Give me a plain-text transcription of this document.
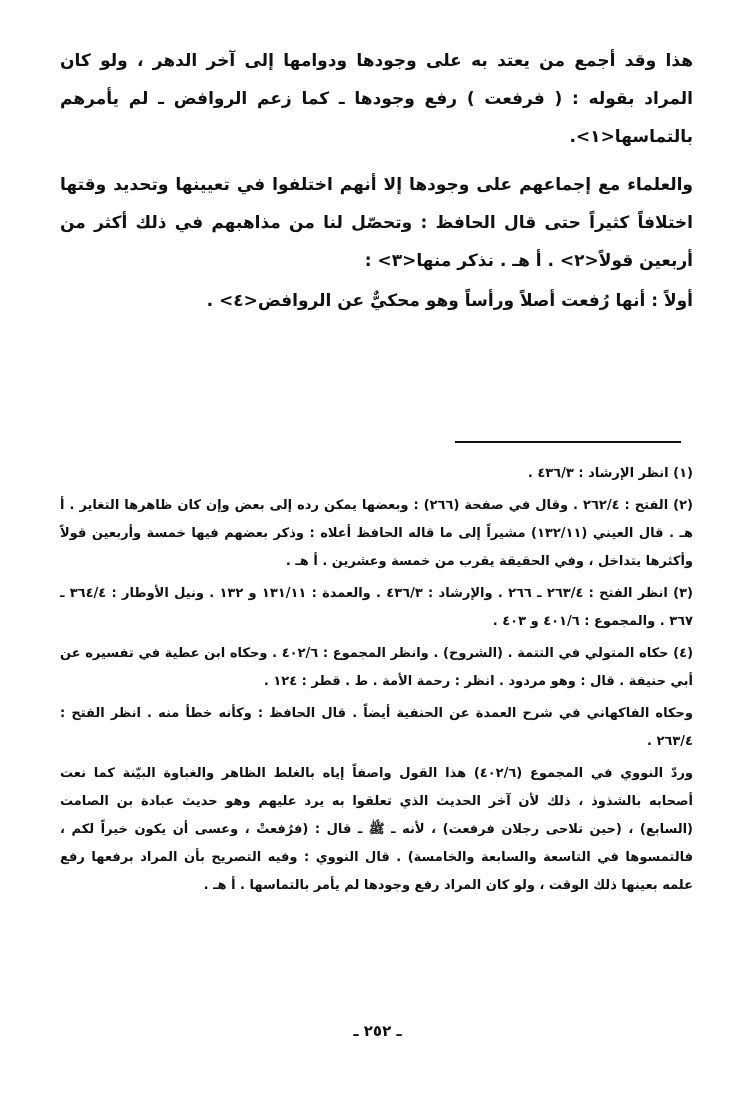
هذا وقد أجمع من يعتد به على وجودها ودوامها إلى آخر الدهر ، ولو كان المراد بقوله : ( فرفعت ) رفع وجودها ـ كما زعم الروافض ـ لم يأمرهم بالتماسها<١>.

والعلماء مع إجماعهم على وجودها إلا أنهم اختلفوا في تعيينها وتحديد وقتها اختلافاً كثيراً حتى قال الحافظ : وتحصّل لنا من مذاهبهم في ذلك أكثر من أربعين قولاً<٢> . أ هـ . نذكر منها<٣> :

أولاً : أنها رُفعت أصلاً ورأساً وهو محكيٌّ عن الروافض<٤> .

(١) انظر الإرشاد : ٤٣٦/٣ .

(٢) الفتح : ٢٦٢/٤ . وقال في صفحة (٢٦٦) : وبعضها يمكن رده إلى بعض وإن كان ظاهرها التغاير . أ هـ . قال العيني (١٣٢/١١) مشيراً إلى ما قاله الحافظ أعلاه : وذكر بعضهم فيها خمسة وأربعين قولاً وأكثرها يتداخل ، وفي الحقيقة يقرب من خمسة وعشرين . أ هـ .

(٣) انظر الفتح : ٢٦٣/٤ ـ ٢٦٦ . والإرشاد : ٤٣٦/٣ . والعمدة : ١٣١/١١ و ١٣٢ . ونيل الأوطار : ٣٦٤/٤ ـ ٣٦٧ . والمجموع : ٤٠١/٦ و ٤٠٣ .

(٤) حكاه المتولي في التتمة . (الشروح) . وانظر المجموع : ٤٠٢/٦ . وحكاه ابن عطية في تفسيره عن أبي حنيفة . قال : وهو مردود . انظر : رحمة الأمة . ط . قطر : ١٢٤ .

وحكاه الفاكهاني في شرح العمدة عن الحنفية أيضاً . قال الحافظ : وكأنه خطأ منه . انظر الفتح : ٢٦٣/٤ .

وردّ النووي في المجموع (٤٠٢/٦) هذا القول واصفاً إياه بالغلط الظاهر والغباوة البيّنة كما نعت أصحابه بالشذوذ ، ذلك لأن آخر الحديث الذي تعلقوا به يرد عليهم وهو حديث عبادة بن الصامت (السابع) ، (حين تلاحى رجلان فرفعت) ، لأنه ـ ﷺ ـ قال : (فرُفعتْ ، وعسى أن يكون خيراً لكم ، فالتمسوها في التاسعة والسابعة والخامسة) . قال النووي : وفيه التصريح بأن المراد برفعها رفع علمه بعينها ذلك الوقت ، ولو كان المراد رفع وجودها لم يأمر بالتماسها . أ هـ .

ـ ٢٥٢ ـ
